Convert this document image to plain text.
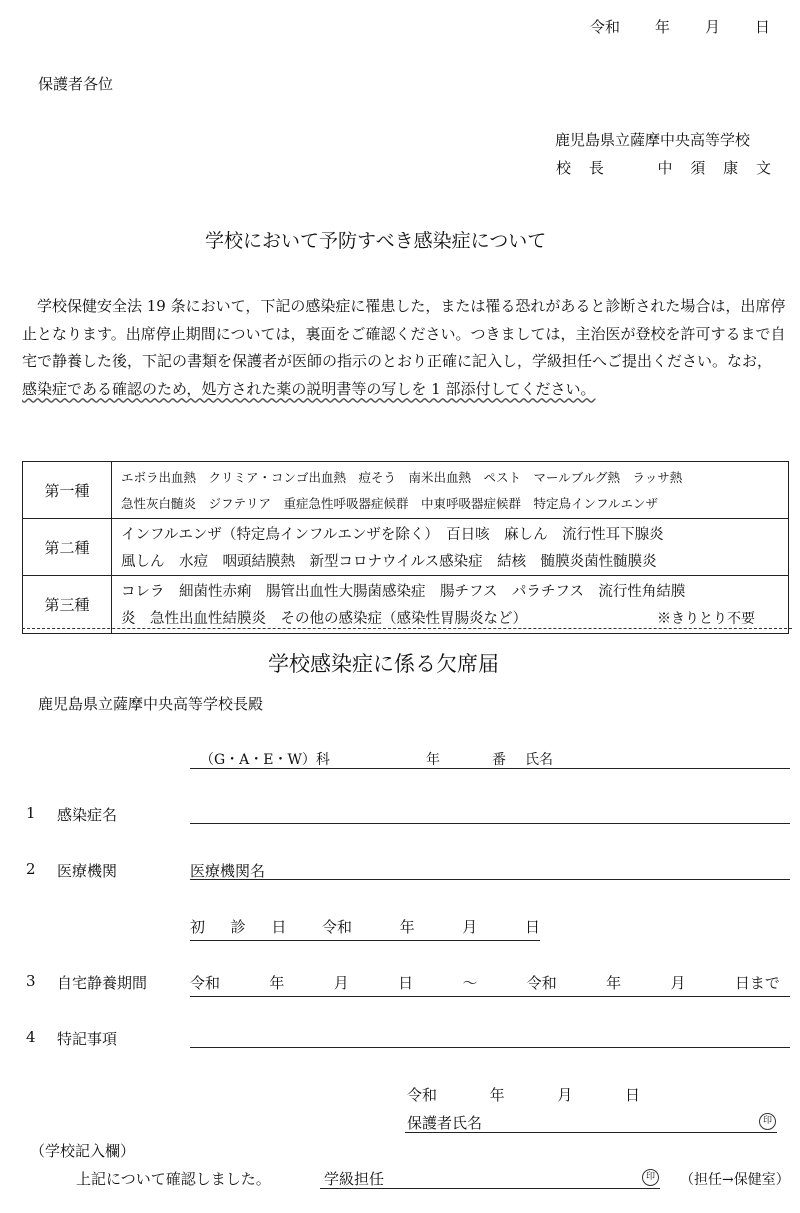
令和 年 月 日
保護者各位
鹿児島県立薩摩中央高等学校
校 長	中 須 康 文
学校において予防すべき感染症について

学校保健安全法 19 条において，下記の感染症に罹患した，または罹る恐れがあると診断された場合は，出席停止となります。出席停止期間については，裏面をご確認ください。つきましては，主治医が登校を許可するまで自宅で静養した後，下記の書類を保護者が医師の指示のとおり正確に記入し，学級担任へご提出ください。なお，感染症である確認のため，処方された薬の説明書等の写しを 1 部添付してください。

第一種	エボラ出血熱　クリミア・コンゴ出血熱　痘そう　南米出血熱　ペスト　マールブルグ熱　ラッサ熱
急性灰白髄炎　ジフテリア　重症急性呼吸器症候群　中東呼吸器症候群　特定鳥インフルエンザ

第二種	インフルエンザ（特定鳥インフルエンザを除く）　百日咳　麻しん　流行性耳下腺炎
風しん　水痘　咽頭結膜熱　新型コロナウイルス感染症　結核　髄膜炎菌性髄膜炎

第三種	コレラ　細菌性赤痢　腸管出血性大腸菌感染症　腸チフス　パラチフス　流行性角結膜
炎　急性出血性結膜炎　その他の感染症（感染性胃腸炎など）	※きりとり不要
学校感染症に係る欠席届
鹿児島県立薩摩中央高等学校長殿
（G・A・E・W）科	年	番 氏名
1 感染症名
2 医療機関	医療機関名
初 診 日 令和	年	月	日
3 自宅静養期間	令和	年	月	日	～	令和	年	月	日まで
4 特記事項
令和	年	月	日
保護者氏名	印
（学校記入欄）
上記について確認しました。	学級担任	印 （担任→保健室）
